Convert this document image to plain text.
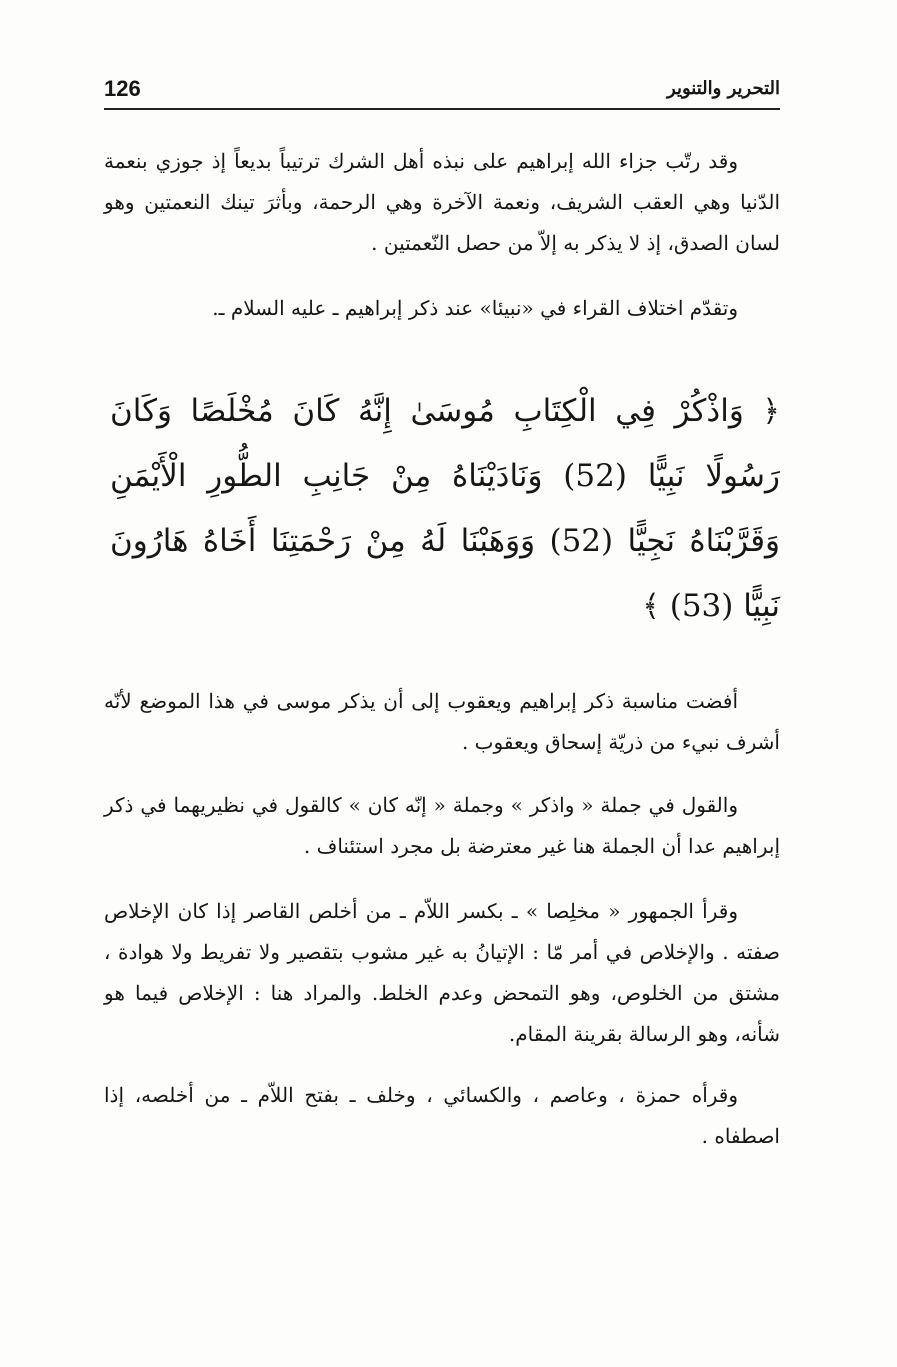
126	التحرير والتنوير

وقد رتّب جزاء الله إبراهيم على نبذه أهل الشرك ترتيباً بديعاً إذ جوزي بنعمة الدّنيا وهي العقب الشريف، ونعمة الآخرة وهي الرحمة، وبأثرَ تينك النعمتين وهو لسان الصدق، إذ لا يذكر به إلاّ من حصل النّعمتين .

وتقدّم اختلاف القراء في «نبيئا» عند ذكر إبراهيم ـ عليه السلام ـ.

﴿ وَاذْكُرْ فِي الْكِتَابِ مُوسَىٰ إِنَّهُ كَانَ مُخْلَصًا وَكَانَ رَسُولًا نَبِيًّا (52) وَنَادَيْنَاهُ مِنْ جَانِبِ الطُّورِ الْأَيْمَنِ وَقَرَّبْنَاهُ نَجِيًّا (52) وَوَهَبْنَا لَهُ مِنْ رَحْمَتِنَا أَخَاهُ هَارُونَ نَبِيًّا (53) ﴾

أفضت مناسبة ذكر إبراهيم ويعقوب إلى أن يذكر موسى في هذا الموضع لأنّه أشرف نبيء من ذريّة إسحاق ويعقوب .

والقول في جملة « واذكر » وجملة « إنّه كان » كالقول في نظيريهما في ذكر إبراهيم عدا أن الجملة هنا غير معترضة بل مجرد استئناف .

وقرأ الجمهور « مخلِصا » ـ بكسر اللاّم ـ من أخلص القاصر إذا كان الإخلاص صفته . والإخلاص في أمر مّا : الإتيانُ به غير مشوب بتقصير ولا تفريط ولا هوادة ، مشتق من الخلوص، وهو التمحض وعدم الخلط. والمراد هنا : الإخلاص فيما هو شأنه، وهو الرسالة بقرينة المقام.

وقرأه حمزة ، وعاصم ، والكسائي ، وخلف ـ بفتح اللاّم ـ من أخلصه، إذا اصطفاه .
